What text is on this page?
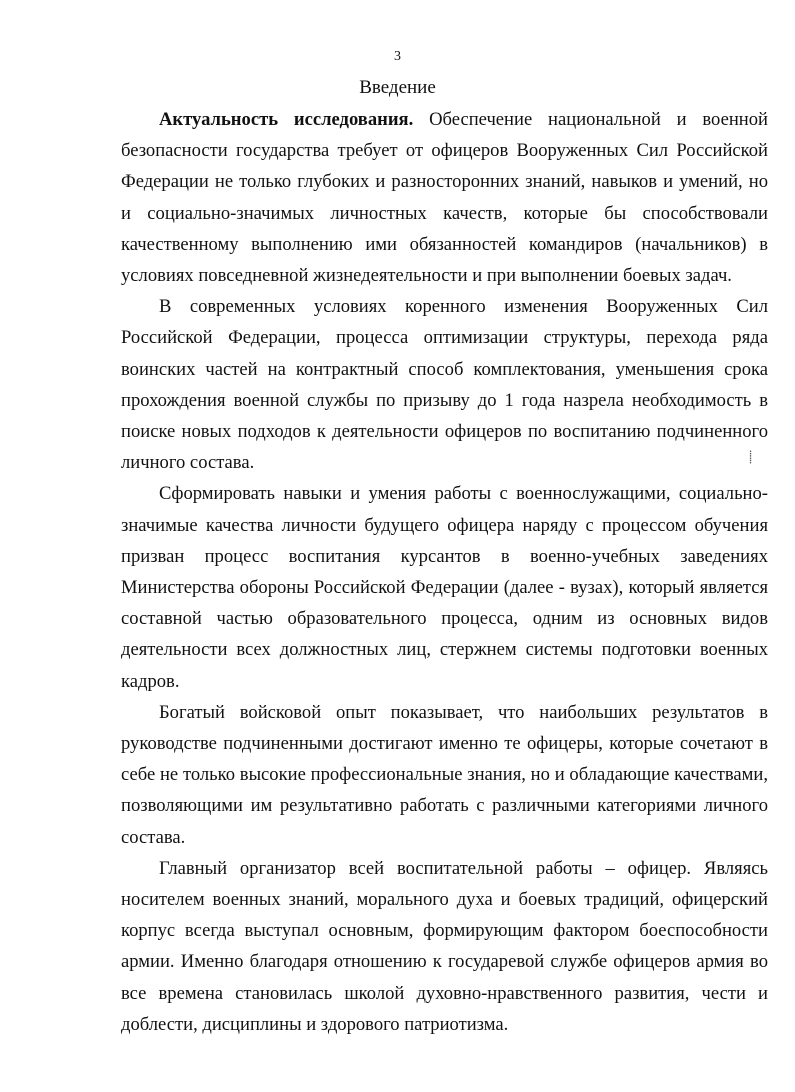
3
Введение

Актуальность исследования. Обеспечение национальной и военной безопасности государства требует от офицеров Вооруженных Сил Российской Федерации не только глубоких и разносторонних знаний, навыков и умений, но и социально-значимых личностных качеств, которые бы способствовали качественному выполнению ими обязанностей командиров (начальников) в условиях повседневной жизнедеятельности и при выполнении боевых задач.

В современных условиях коренного изменения Вооруженных Сил Российской Федерации, процесса оптимизации структуры, перехода ряда воинских частей на контрактный способ комплектования, уменьшения срока прохождения военной службы по призыву до 1 года назрела необходимость в поиске новых подходов к деятельности офицеров по воспитанию подчиненного личного состава.

Сформировать навыки и умения работы с военнослужащими, социально-значимые качества личности будущего офицера наряду с процессом обучения призван процесс воспитания курсантов в военно-учебных заведениях Министерства обороны Российской Федерации (далее - вузах), который является составной частью образовательного процесса, одним из основных видов деятельности всех должностных лиц, стержнем системы подготовки военных кадров.

Богатый войсковой опыт показывает, что наибольших результатов в руководстве подчиненными достигают именно те офицеры, которые сочетают в себе не только высокие профессиональные знания, но и обладающие качествами, позволяющими им результативно работать с различными категориями личного состава.

Главный организатор всей воспитательной работы – офицер. Являясь носителем военных знаний, морального духа и боевых традиций, офицерский корпус всегда выступал основным, формирующим фактором боеспособности армии. Именно благодаря отношению к государевой службе офицеров армия во все времена становилась школой духовно-нравственного развития, чести и доблести, дисциплины и здорового патриотизма.

⸽
